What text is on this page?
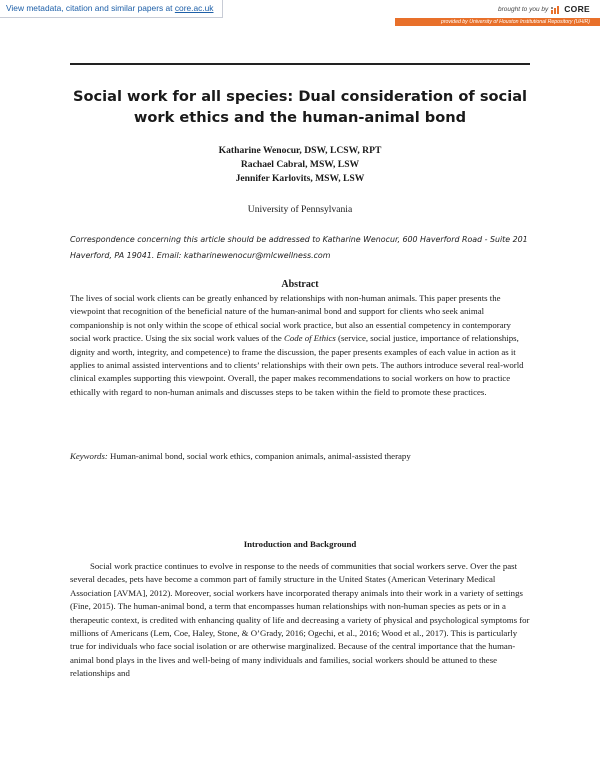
View metadata, citation and similar papers at core.ac.uk	brought to you by CORE
provided by University of Houston Institutional Repository (UHIR)
Social work for all species: Dual consideration of social work ethics and the human-animal bond
Katharine Wenocur, DSW, LCSW, RPT
Rachael Cabral, MSW, LSW
Jennifer Karlovits, MSW, LSW
University of Pennsylvania
Correspondence concerning this article should be addressed to Katharine Wenocur, 600 Haverford Road - Suite 201 Haverford, PA 19041. Email: katharinewenocur@mlcwellness.com
Abstract
The lives of social work clients can be greatly enhanced by relationships with non-human animals. This paper presents the viewpoint that recognition of the beneficial nature of the human-animal bond and support for clients who seek animal companionship is not only within the scope of ethical social work practice, but also an essential competency in contemporary social work practice. Using the six social work values of the Code of Ethics (service, social justice, importance of relationships, dignity and worth, integrity, and competence) to frame the discussion, the paper presents examples of each value in action as it applies to animal assisted interventions and to clients’ relationships with their own pets. The authors introduce several real-world clinical examples supporting this viewpoint. Overall, the paper makes recommendations to social workers on how to practice ethically with regard to non-human animals and discusses steps to be taken within the field to promote these practices.
Keywords: Human-animal bond, social work ethics, companion animals, animal-assisted therapy
Introduction and Background
Social work practice continues to evolve in response to the needs of communities that social workers serve. Over the past several decades, pets have become a common part of family structure in the United States (American Veterinary Medical Association [AVMA], 2012). Moreover, social workers have incorporated therapy animals into their work in a variety of settings (Fine, 2015). The human-animal bond, a term that encompasses human relationships with non-human species as pets or in a therapeutic context, is credited with enhancing quality of life and decreasing a variety of physical and psychological symptoms for millions of Americans (Lem, Coe, Haley, Stone, & O’Grady, 2016; Ogechi, et al., 2016; Wood et al., 2017). This is particularly true for individuals who face social isolation or are otherwise marginalized. Because of the central importance that the human-animal bond plays in the lives and well-being of many individuals and families, social workers should be attuned to these relationships and
